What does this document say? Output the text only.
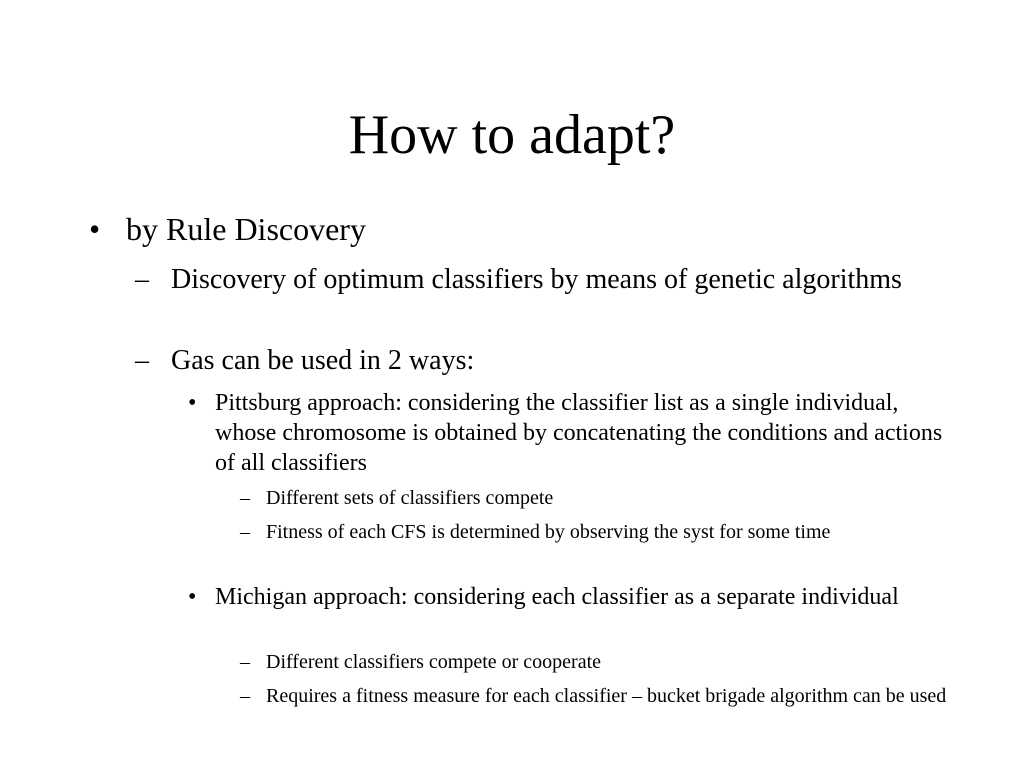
How to adapt?
• by Rule Discovery
– Discovery of optimum classifiers by means of genetic algorithms
– Gas can be used in 2 ways:
• Pittsburg approach: considering the classifier list as a single individual, whose chromosome is obtained by concatenating the conditions and actions of all classifiers
– Different sets of classifiers compete
– Fitness of each CFS is determined by observing the syst for some time
• Michigan approach: considering each classifier as a separate individual
– Different classifiers compete or cooperate
– Requires a fitness measure for each classifier – bucket brigade algorithm can be used
